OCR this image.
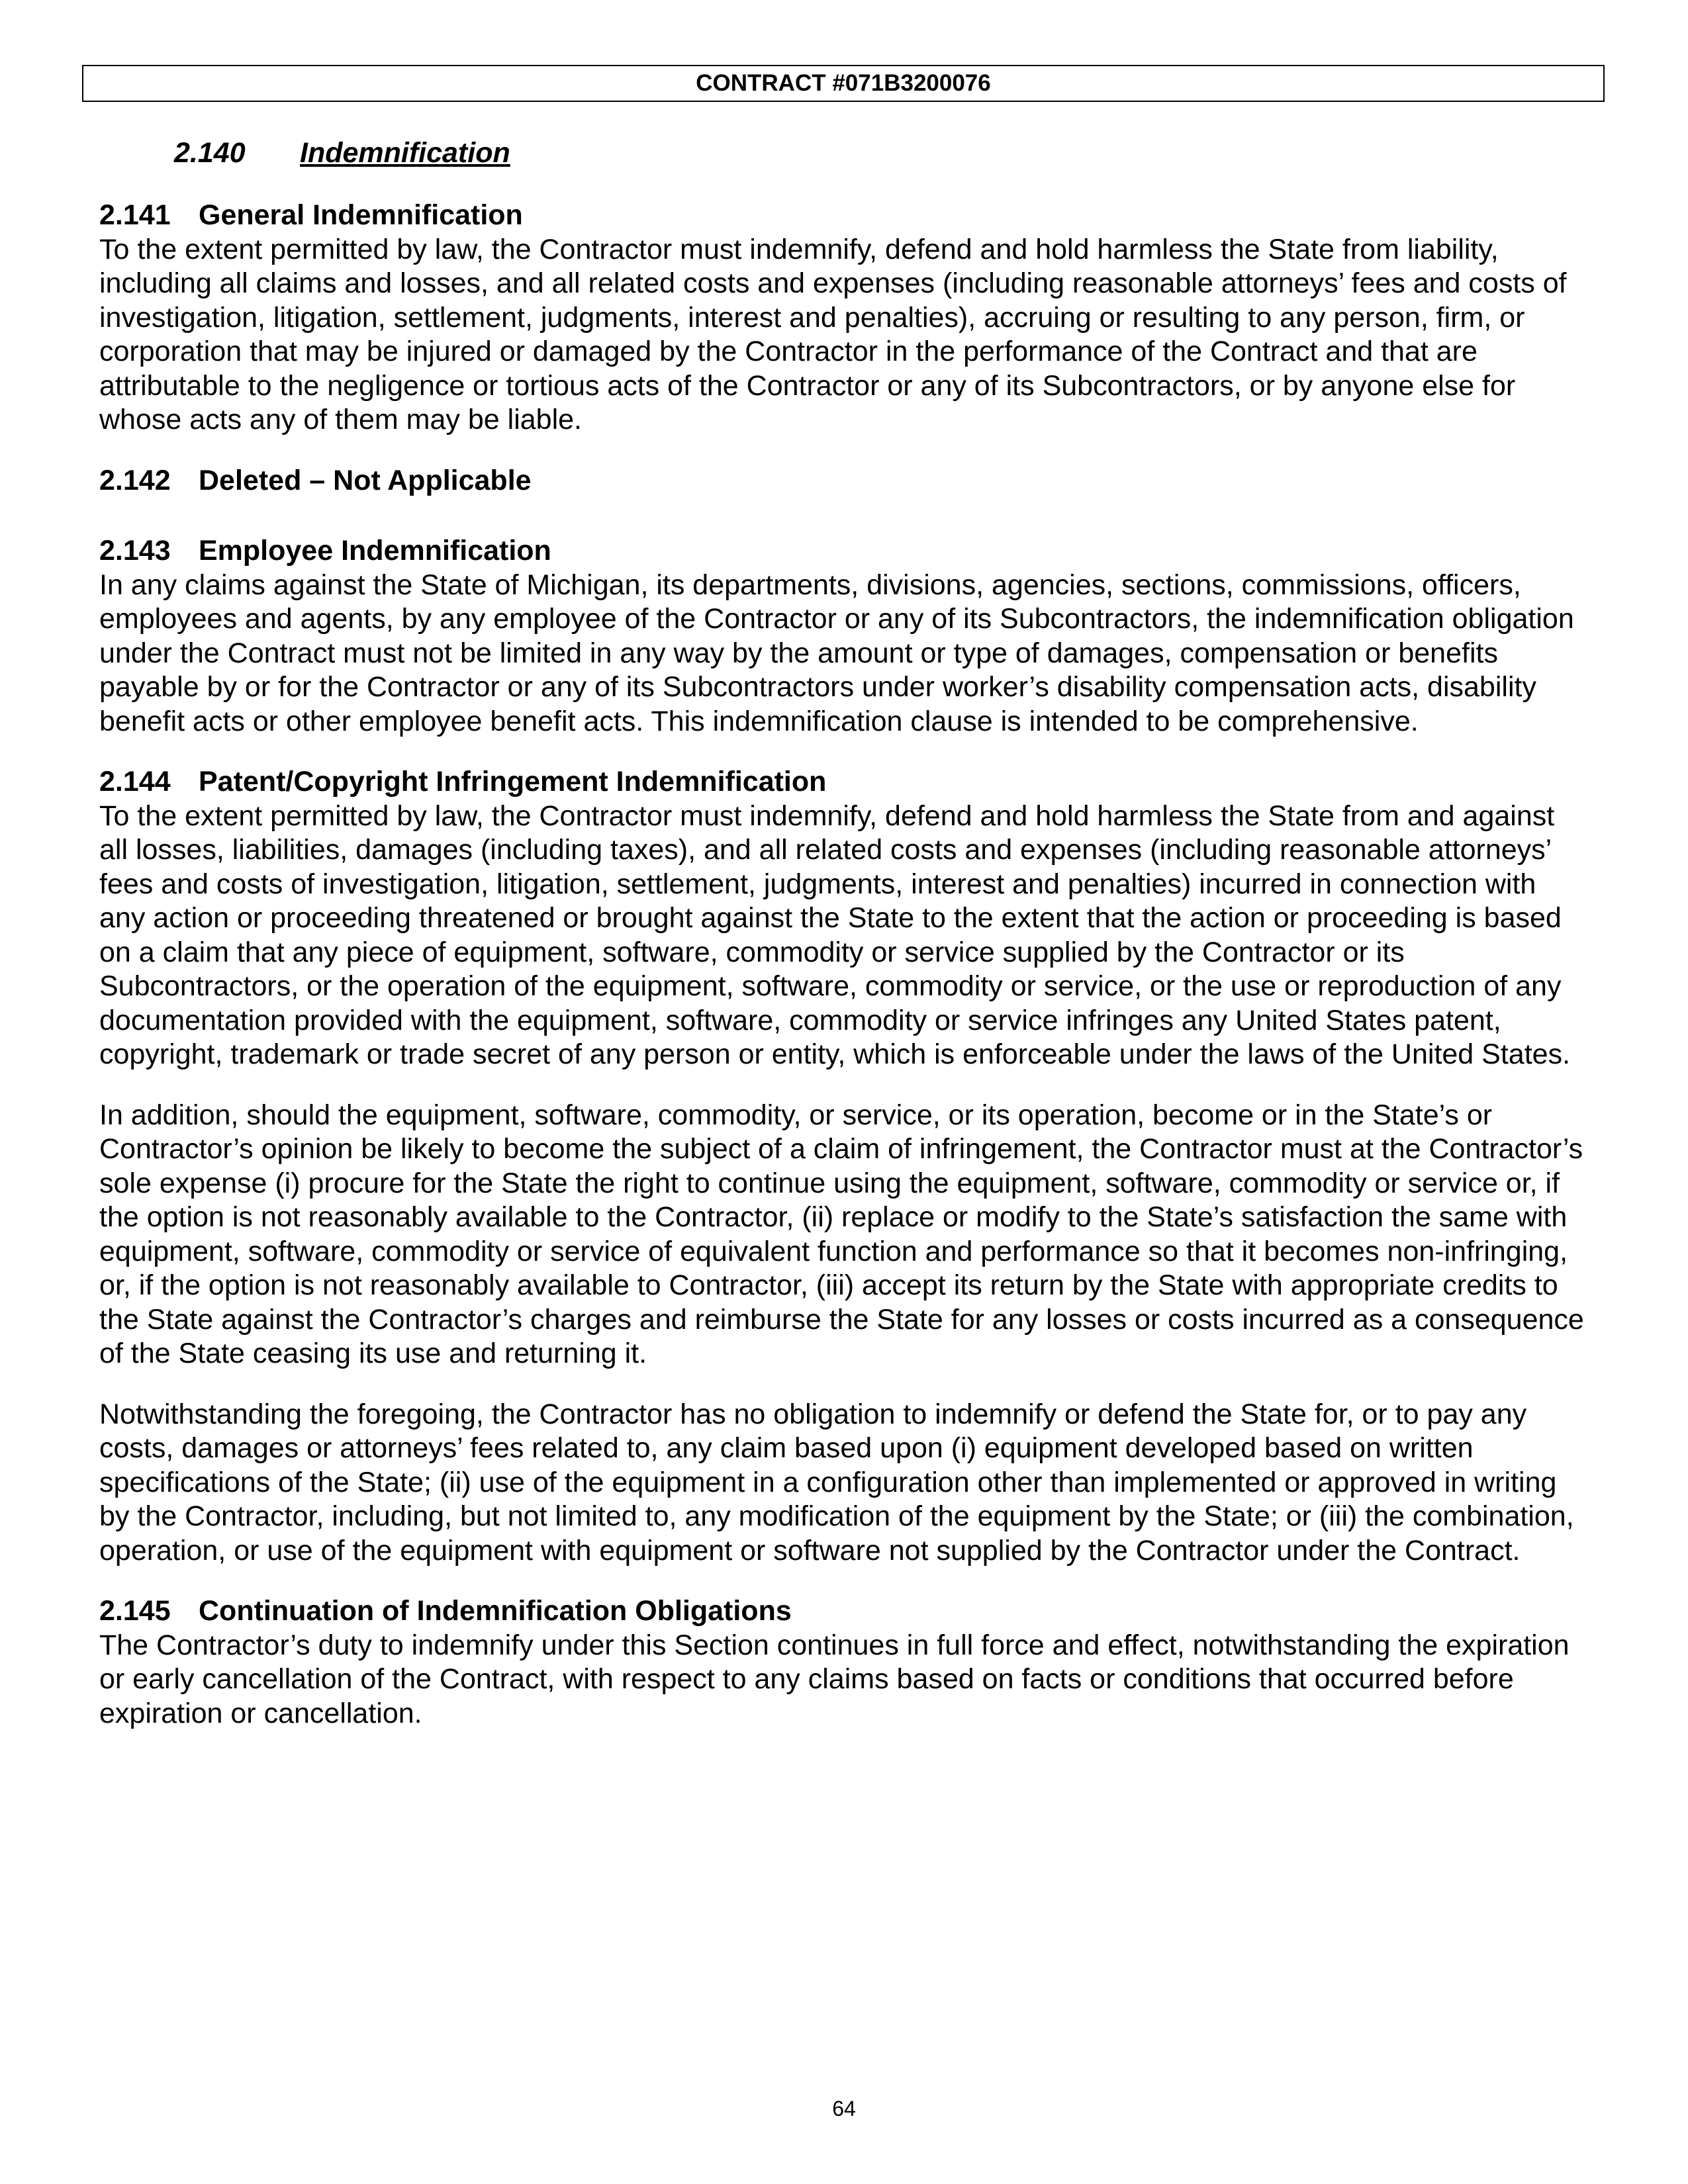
CONTRACT #071B3200076
2.140 Indemnification
2.141 General Indemnification

To the extent permitted by law, the Contractor must indemnify, defend and hold harmless the State from liability, including all claims and losses, and all related costs and expenses (including reasonable attorneys’ fees and costs of investigation, litigation, settlement, judgments, interest and penalties), accruing or resulting to any person, firm, or corporation that may be injured or damaged by the Contractor in the performance of the Contract and that are attributable to the negligence or tortious acts of the Contractor or any of its Subcontractors, or by anyone else for whose acts any of them may be liable.

2.142 Deleted – Not Applicable
2.143 Employee Indemnification

In any claims against the State of Michigan, its departments, divisions, agencies, sections, commissions, officers, employees and agents, by any employee of the Contractor or any of its Subcontractors, the indemnification obligation under the Contract must not be limited in any way by the amount or type of damages, compensation or benefits payable by or for the Contractor or any of its Subcontractors under worker’s disability compensation acts, disability benefit acts or other employee benefit acts. This indemnification clause is intended to be comprehensive.

2.144 Patent/Copyright Infringement Indemnification

To the extent permitted by law, the Contractor must indemnify, defend and hold harmless the State from and against all losses, liabilities, damages (including taxes), and all related costs and expenses (including reasonable attorneys’ fees and costs of investigation, litigation, settlement, judgments, interest and penalties) incurred in connection with any action or proceeding threatened or brought against the State to the extent that the action or proceeding is based on a claim that any piece of equipment, software, commodity or service supplied by the Contractor or its Subcontractors, or the operation of the equipment, software, commodity or service, or the use or reproduction of any documentation provided with the equipment, software, commodity or service infringes any United States patent, copyright, trademark or trade secret of any person or entity, which is enforceable under the laws of the United States.

In addition, should the equipment, software, commodity, or service, or its operation, become or in the State’s or Contractor’s opinion be likely to become the subject of a claim of infringement, the Contractor must at the Contractor’s sole expense (i) procure for the State the right to continue using the equipment, software, commodity or service or, if the option is not reasonably available to the Contractor, (ii) replace or modify to the State’s satisfaction the same with equipment, software, commodity or service of equivalent function and performance so that it becomes non-infringing, or, if the option is not reasonably available to Contractor, (iii) accept its return by the State with appropriate credits to the State against the Contractor’s charges and reimburse the State for any losses or costs incurred as a consequence of the State ceasing its use and returning it.

Notwithstanding the foregoing, the Contractor has no obligation to indemnify or defend the State for, or to pay any costs, damages or attorneys’ fees related to, any claim based upon (i) equipment developed based on written specifications of the State; (ii) use of the equipment in a configuration other than implemented or approved in writing by the Contractor, including, but not limited to, any modification of the equipment by the State; or (iii) the combination, operation, or use of the equipment with equipment or software not supplied by the Contractor under the Contract.

2.145 Continuation of Indemnification Obligations

The Contractor’s duty to indemnify under this Section continues in full force and effect, notwithstanding the expiration or early cancellation of the Contract, with respect to any claims based on facts or conditions that occurred before expiration or cancellation.

64
